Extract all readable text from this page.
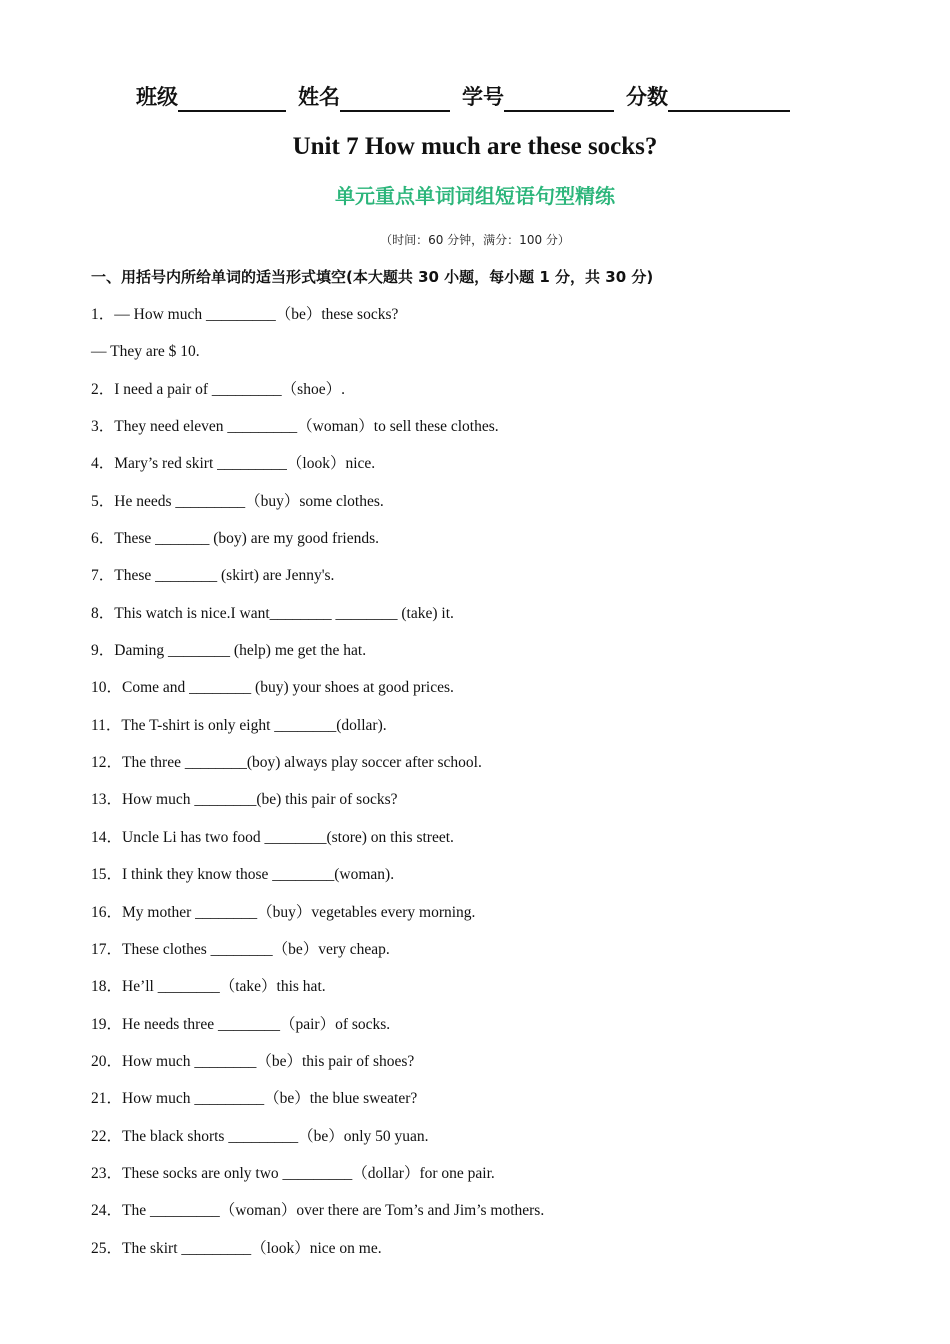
班级	姓名	学号	分数
Unit 7 How much are these socks?
单元重点单词词组短语句型精练
（时间：60 分钟，满分：100 分）
一、用括号内所给单词的适当形式填空(本大题共 30 小题，每小题 1 分，共 30 分)
1．— How much _________（be）these socks?
— They are $ 10.
2．I need a pair of _________（shoe）.
3．They need eleven _________（woman）to sell these clothes.
4．Mary’s red skirt _________（look）nice.
5．He needs _________（buy）some clothes.
6．These _______ (boy) are my good friends.
7．These ________ (skirt) are Jenny's.
8．This watch is nice.I want________ ________ (take) it.
9．Daming ________ (help) me get the hat.
10．Come and ________ (buy) your shoes at good prices.
11．The T-shirt is only eight ________(dollar).
12．The three ________(boy) always play soccer after school.
13．How much ________(be) this pair of socks?
14．Uncle Li has two food ________(store) on this street.
15．I think they know those ________(woman).
16．My mother ________（buy）vegetables every morning.
17．These clothes ________（be）very cheap.
18．He’ll ________（take）this hat.
19．He needs three ________（pair）of socks.
20．How much ________（be）this pair of shoes?
21．How much _________（be）the blue sweater?
22．The black shorts _________（be）only 50 yuan.
23．These socks are only two _________（dollar）for one pair.
24．The _________（woman）over there are Tom’s and Jim’s mothers.
25．The skirt _________（look）nice on me.
